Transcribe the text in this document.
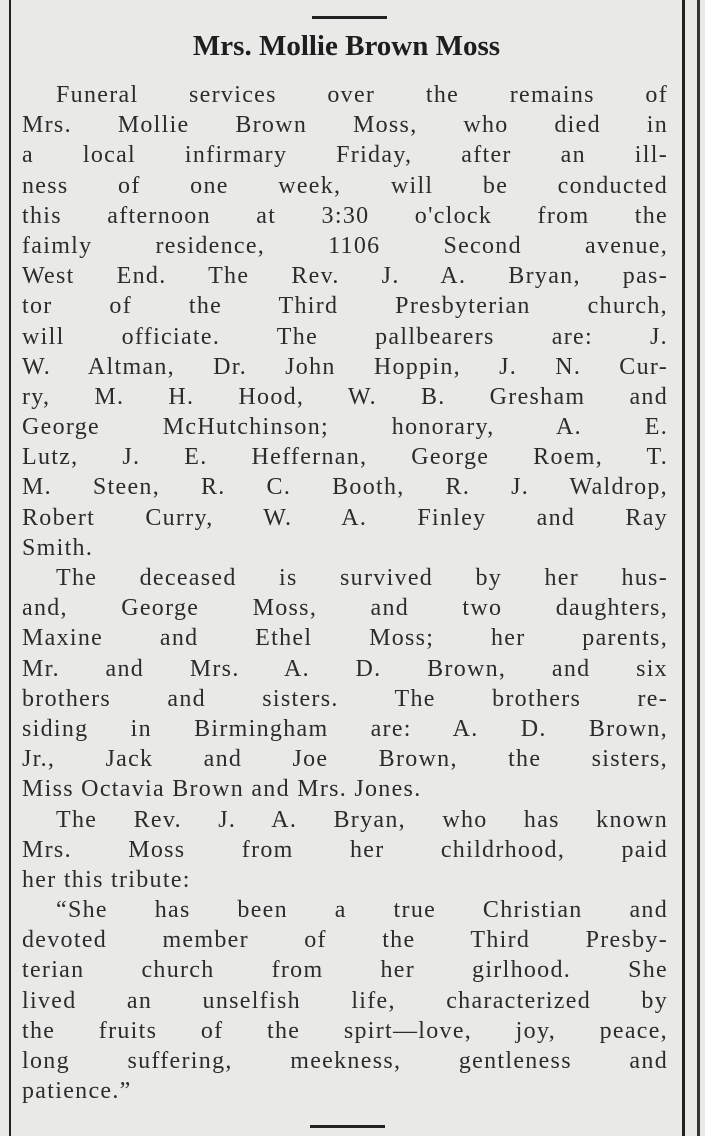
Mrs. Mollie Brown Moss
Funeral services over the remains of
Mrs. Mollie Brown Moss, who died in
a local infirmary Friday, after an ill-
ness of one week, will be conducted
this afternoon at 3:30 o'clock from the
faimly residence, 1106 Second avenue,
West End. The Rev. J. A. Bryan, pas-
tor of the Third Presbyterian church,
will officiate. The pallbearers are: J.
W. Altman, Dr. John Hoppin, J. N. Cur-
ry, M. H. Hood, W. B. Gresham and
George McHutchinson; honorary, A. E.
Lutz, J. E. Heffernan, George Roem, T.
M. Steen, R. C. Booth, R. J. Waldrop,
Robert Curry, W. A. Finley and Ray
Smith.
The deceased is survived by her hus-
and, George Moss, and two daughters,
Maxine and Ethel Moss; her parents,
Mr. and Mrs. A. D. Brown, and six
brothers and sisters. The brothers re-
siding in Birmingham are: A. D. Brown,
Jr., Jack and Joe Brown, the sisters,
Miss Octavia Brown and Mrs. Jones.
The Rev. J. A. Bryan, who has known
Mrs. Moss from her childrhood, paid
her this tribute:
“She has been a true Christian and
devoted member of the Third Presby-
terian church from her girlhood. She
lived an unselfish life, characterized by
the fruits of the spirt—love, joy, peace,
long suffering, meekness, gentleness and
patience.”
